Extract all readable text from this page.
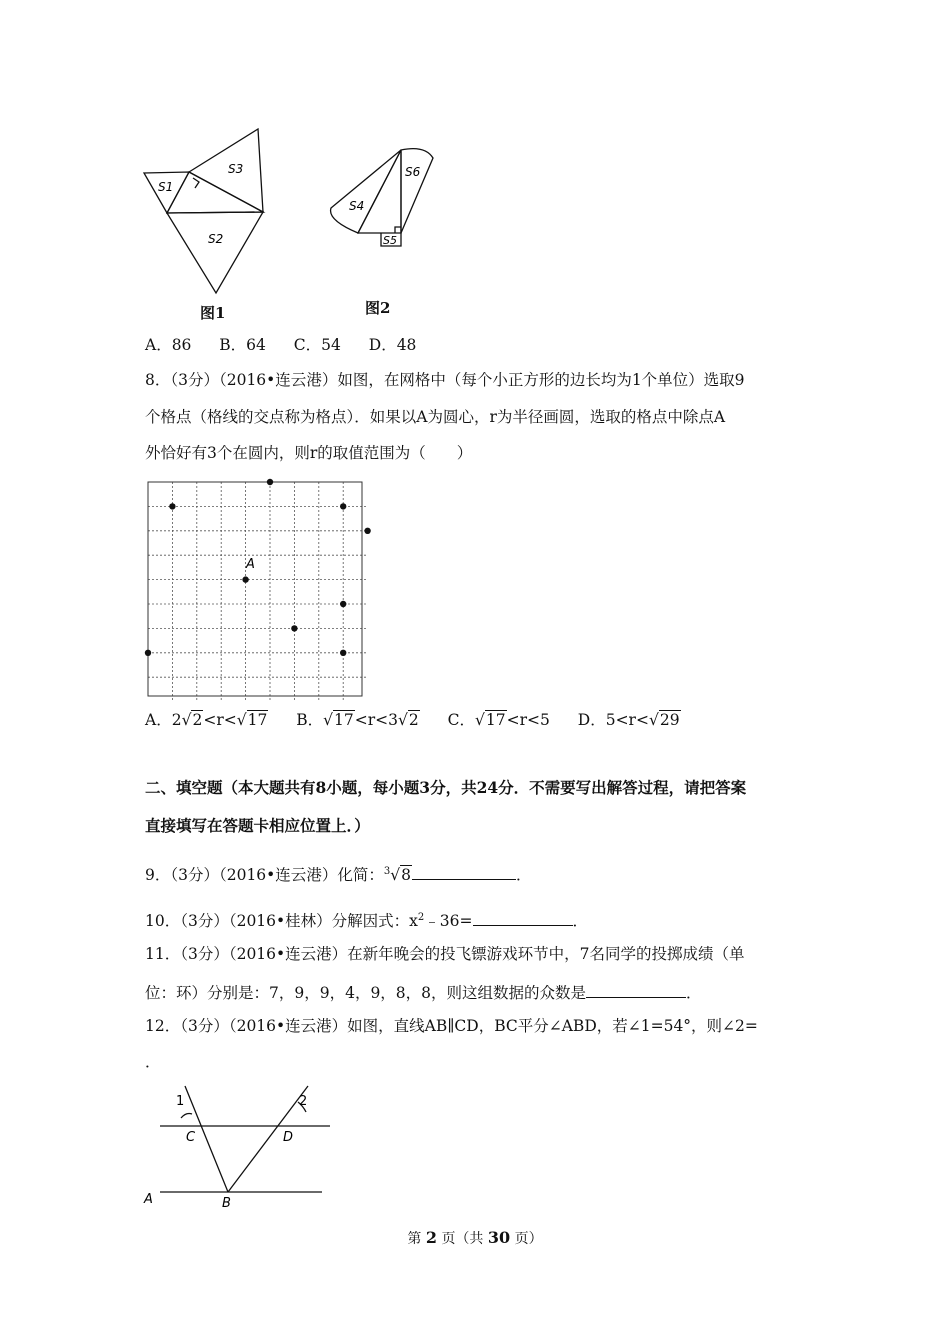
S1
S3
S2
图1
S4
S6
S5
图2
A．86 B．64 C．54 D．48
8．（3分）（2016•连云港）如图，在网格中（每个小正方形的边长均为1个单位）选取9
个格点（格线的交点称为格点）．如果以A为圆心，r为半径画圆，选取的格点中除点A
外恰好有3个在圆内，则r的取值范围为（　　）
A
A．2√2<r<√17 B．√17<r<3√2 C．√17<r<5 D．5<r<√29
二、填空题（本大题共有8小题，每小题3分，共24分．不需要写出解答过程，请把答案
直接填写在答题卡相应位置上．）
9．（3分）（2016•连云港）化简：$^3$√8	．
10．（3分）（2016•桂林）分解因式：$x^2﹣36=$	．
11．（3分）（2016•连云港）在新年晚会的投飞镖游戏环节中，7名同学的投掷成绩（单
位：环）分别是：7，9，9，4，9，8，8，则这组数据的众数是	．
12．（3分）（2016•连云港）如图，直线AB∥CD，BC平分∠ABD，若∠1=54°，则∠2=
．
1	2
C	D
A	B
第 2 页（共 30 页）
